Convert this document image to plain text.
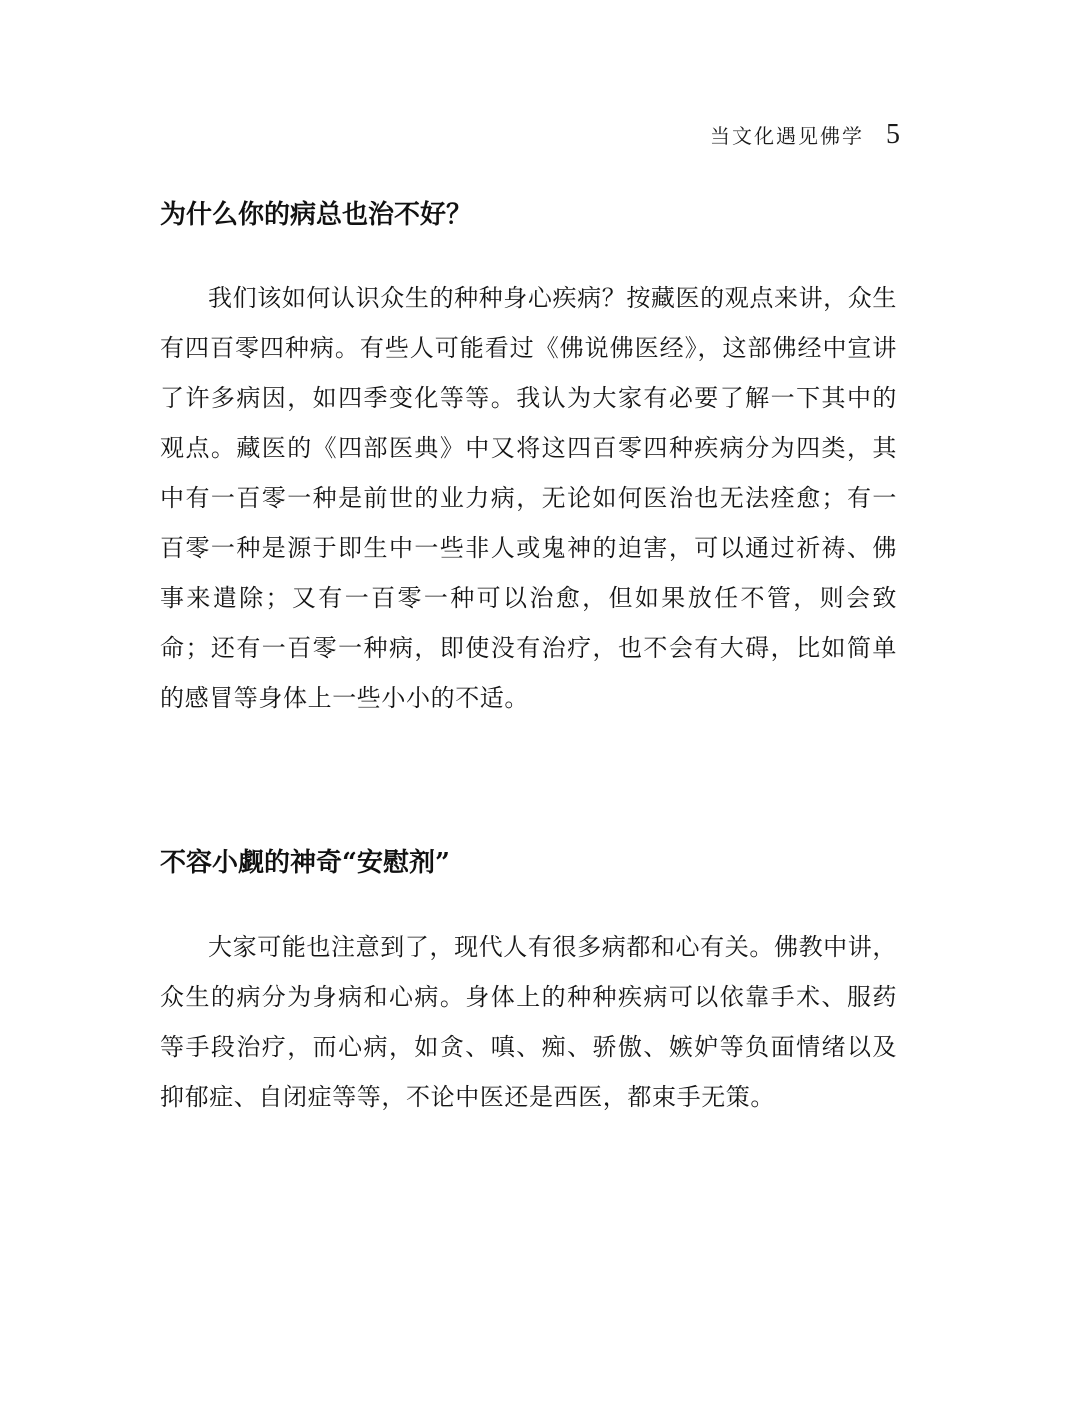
当文化遇见佛学 5
为什么你的病总也治不好？

我们该如何认识众生的种种身心疾病？按藏医的观点来讲，众生有四百零四种病。有些人可能看过《佛说佛医经》，这部佛经中宣讲了许多病因，如四季变化等等。我认为大家有必要了解一下其中的观点。藏医的《四部医典》中又将这四百零四种疾病分为四类，其中有一百零一种是前世的业力病，无论如何医治也无法痊愈；有一百零一种是源于即生中一些非人或鬼神的迫害，可以通过祈祷、佛事来遣除；又有一百零一种可以治愈，但如果放任不管，则会致命；还有一百零一种病，即使没有治疗，也不会有大碍，比如简单的感冒等身体上一些小小的不适。

不容小觑的神奇“安慰剂”

大家可能也注意到了，现代人有很多病都和心有关。佛教中讲，众生的病分为身病和心病。身体上的种种疾病可以依靠手术、服药等手段治疗，而心病，如贪、嗔、痴、骄傲、嫉妒等负面情绪以及抑郁症、自闭症等等，不论中医还是西医，都束手无策。
